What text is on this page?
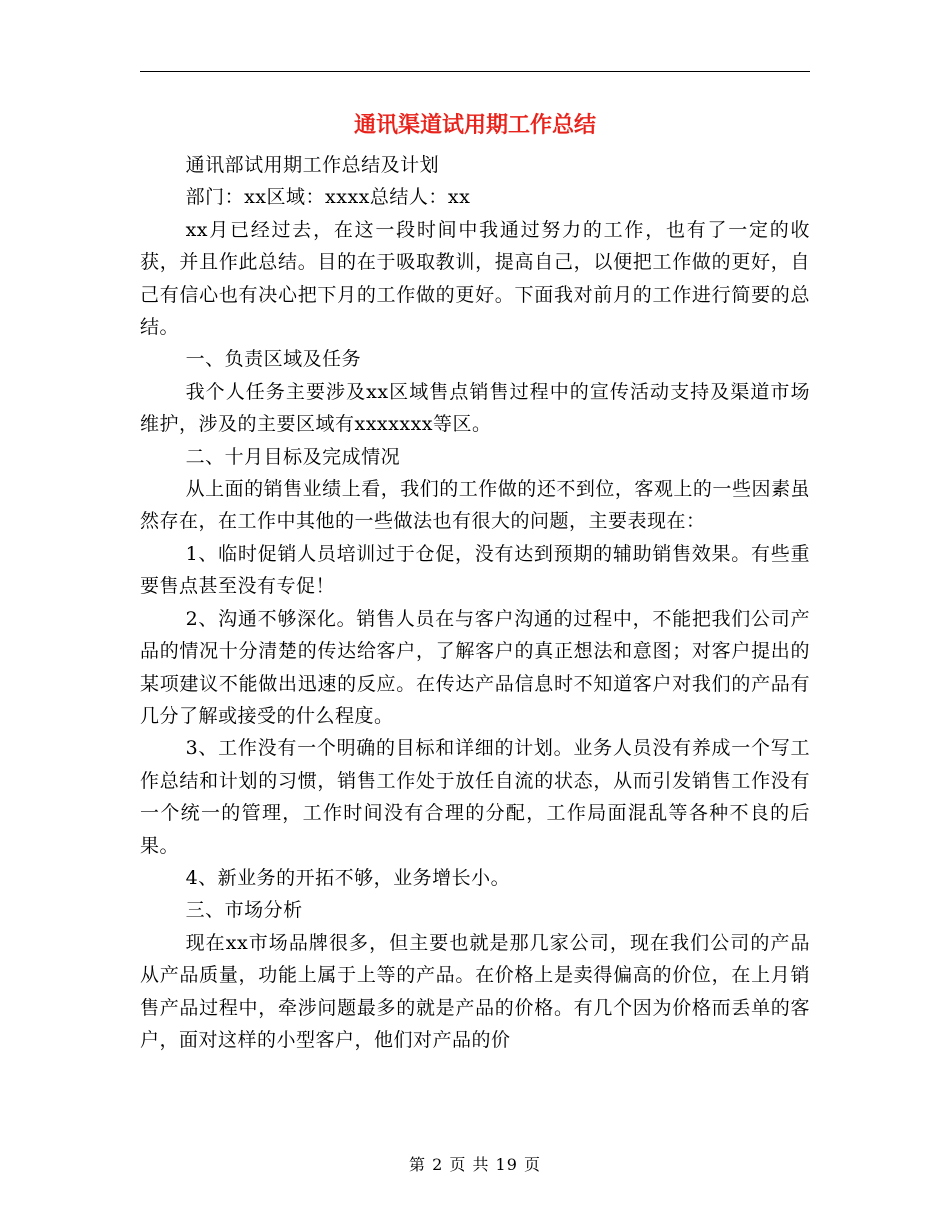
通讯渠道试用期工作总结

通讯部试用期工作总结及计划

部门：xx区域：xxxx总结人：xx

xx月已经过去，在这一段时间中我通过努力的工作，也有了一定的收获，并且作此总结。目的在于吸取教训，提高自己，以便把工作做的更好，自己有信心也有决心把下月的工作做的更好。下面我对前月的工作进行简要的总结。

一、负责区域及任务

我个人任务主要涉及xx区域售点销售过程中的宣传活动支持及渠道市场维护，涉及的主要区域有xxxxxxx等区。

二、十月目标及完成情况

从上面的销售业绩上看，我们的工作做的还不到位，客观上的一些因素虽然存在，在工作中其他的一些做法也有很大的问题，主要表现在：

1、临时促销人员培训过于仓促，没有达到预期的辅助销售效果。有些重要售点甚至没有专促！

2、沟通不够深化。销售人员在与客户沟通的过程中，不能把我们公司产品的情况十分清楚的传达给客户，了解客户的真正想法和意图；对客户提出的某项建议不能做出迅速的反应。在传达产品信息时不知道客户对我们的产品有几分了解或接受的什么程度。

3、工作没有一个明确的目标和详细的计划。业务人员没有养成一个写工作总结和计划的习惯，销售工作处于放任自流的状态，从而引发销售工作没有一个统一的管理，工作时间没有合理的分配，工作局面混乱等各种不良的后果。

4、新业务的开拓不够，业务增长小。

三、市场分析

现在xx市场品牌很多，但主要也就是那几家公司，现在我们公司的产品从产品质量，功能上属于上等的产品。在价格上是卖得偏高的价位，在上月销售产品过程中，牵涉问题最多的就是产品的价格。有几个因为价格而丢单的客户，面对这样的小型客户，他们对产品的价

第 2 页 共 19 页
